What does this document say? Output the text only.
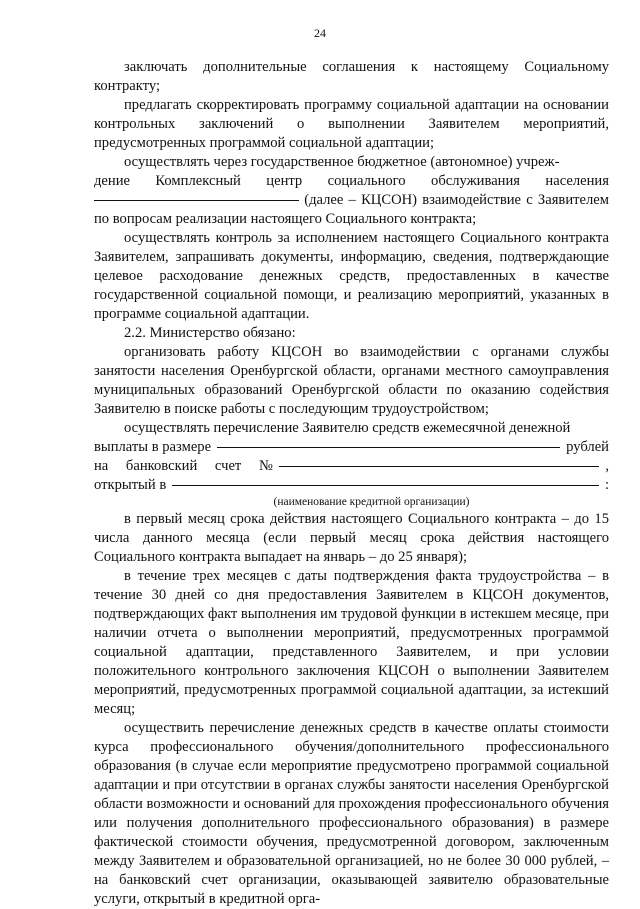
24

заключать дополнительные соглашения к настоящему Социальному контракту;

предлагать скорректировать программу социальной адаптации на основании контрольных заключений о выполнении Заявителем мероприятий, предусмотренных программой социальной адаптации;

осуществлять через государственное бюджетное (автономное) учреж-

дение Комплексный центр социального обслуживания населения

(далее – КЦСОН) взаимодействие с Заявителем по вопросам реализации настоящего Социального контракта;

осуществлять контроль за исполнением настоящего Социального контракта Заявителем, запрашивать документы, информацию, сведения, подтверждающие целевое расходование денежных средств, предоставленных в качестве государственной социальной помощи, и реализацию мероприятий, указанных в программе социальной адаптации.

2.2. Министерство обязано:

организовать работу КЦСОН во взаимодействии с органами службы занятости населения Оренбургской области, органами местного самоуправления муниципальных образований Оренбургской области по оказанию содействия Заявителю в поиске работы с последующим трудоустройством;

осуществлять перечисление Заявителю средств ежемесячной денежной

выплаты в размере	рублей
на банковский счет №	,
открытый в	:
(наименование кредитной организации)

в первый месяц срока действия настоящего Социального контракта – до 15 числа данного месяца (если первый месяц срока действия настоящего Социального контракта выпадает на январь – до 25 января);

в течение трех месяцев с даты подтверждения факта трудоустройства – в течение 30 дней со дня предоставления Заявителем в КЦСОН документов, подтверждающих факт выполнения им трудовой функции в истекшем месяце, при наличии отчета о выполнении мероприятий, предусмотренных программой социальной адаптации, представленного Заявителем, и при условии положительного контрольного заключения КЦСОН о выполнении Заявителем мероприятий, предусмотренных программой социальной адаптации, за истекший месяц;

осуществить перечисление денежных средств в качестве оплаты стоимости курса профессионального обучения/дополнительного профессионального образования (в случае если мероприятие предусмотрено программой социальной адаптации и при отсутствии в органах службы занятости населения Оренбургской области возможности и оснований для прохождения профессионального обучения или получения дополнительного профессионального образования) в размере фактической стоимости обучения, предусмотренной договором, заключенным между Заявителем и образовательной организацией, но не более 30 000 рублей, – на банковский счет организации, оказывающей заявителю образовательные услуги, открытый в кредитной орга-
